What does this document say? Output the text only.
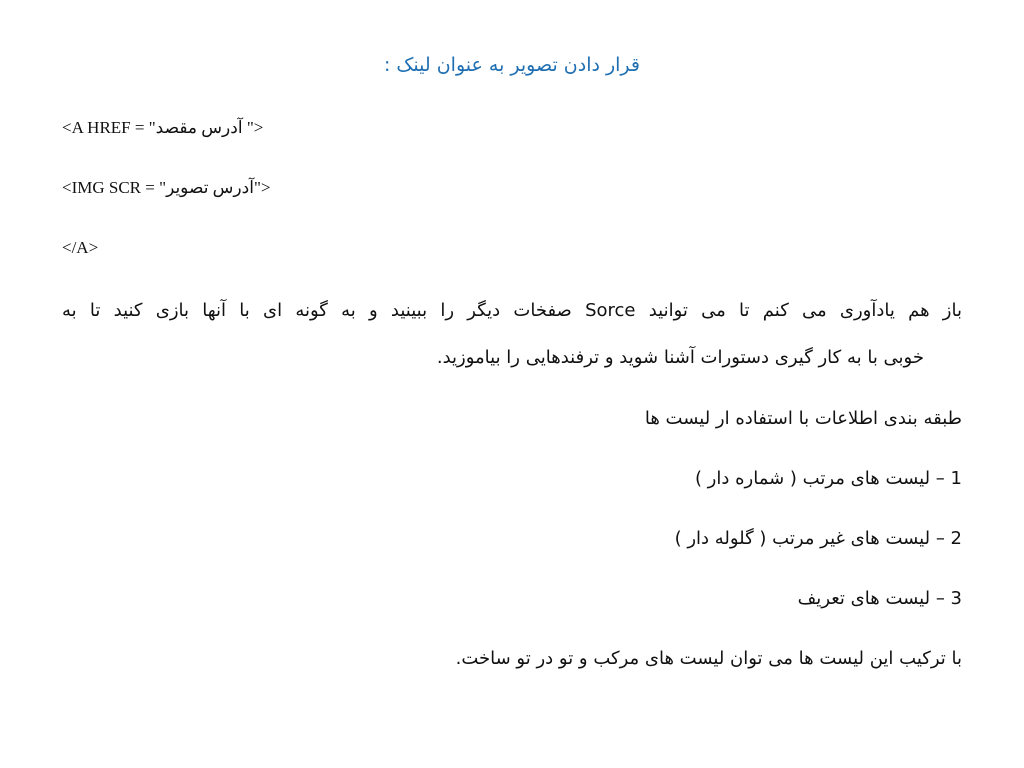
قرار دادن تصویر به عنوان لینک :
<A HREF = "آدرس مقصد ">
<IMG SCR = "آدرس تصویر">
</A>
باز هم یادآوری می کنم تا می توانید Sorce صفخات دیگر را ببینید و به گونه ای با آنها بازی کنید تا به
خوبی با به کار گیری دستورات آشنا شوید و ترفندهایی را بیاموزید.
طبقه بندی اطلاعات با استفاده ار لیست ها
1 – لیست های مرتب ( شماره دار )
2 – لیست های غیر مرتب ( گلوله دار )
3 – لیست های تعریف
با ترکیب این لیست ها می توان لیست های مرکب و تو در تو ساخت.
